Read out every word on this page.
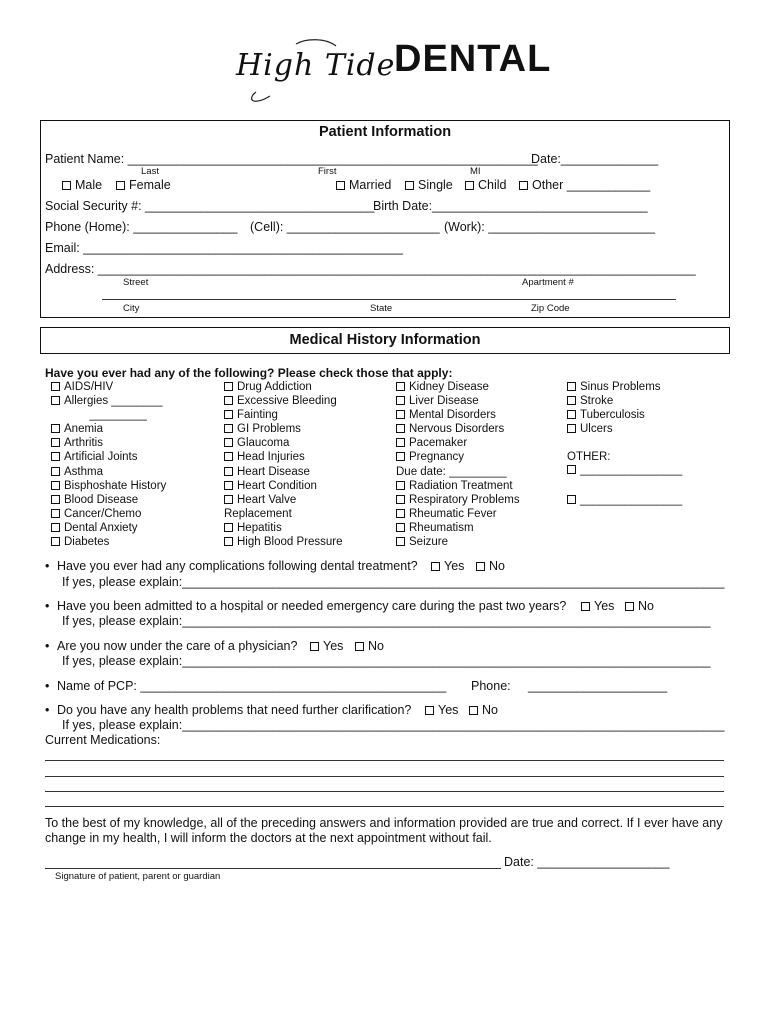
High Tide
DENTAL
Patient Information
Patient Name: ___________________________________________________________
Date:______________
Last	First	MI
Male	Female	Married	Single	Child	Other ____________
Social Security #: _________________________________
Birth Date:_______________________________
Phone (Home): _______________ (Cell): ______________________ (Work): ________________________
Email: ______________________________________________
Address: ______________________________________________________________________________________
Street	Apartment #
City	State	Zip Code
Medical History Information
Have you ever had any of the following? Please check those that apply:
AIDS/HIV
Allergies ________
_________
Anemia
Arthritis
Artificial Joints
Asthma
Bisphoshate History
Blood Disease
Cancer/Chemo
Dental Anxiety
Diabetes
Drug Addiction
Excessive Bleeding
Fainting
GI Problems
Glaucoma
Head Injuries
Heart Disease
Heart Condition
Heart Valve
Replacement
Hepatitis
High Blood Pressure
Kidney Disease
Liver Disease
Mental Disorders
Nervous Disorders
Pacemaker
Pregnancy
Due date: _________
Radiation Treatment
Respiratory Problems
Rheumatic Fever
Rheumatism
Seizure
Sinus Problems
Stroke
Tuberculosis
Ulcers
OTHER:
________________
________________
• Have you ever had any complications following dental treatment?	Yes	No
If yes, please explain:______________________________________________________________________________
• Have you been admitted to a hospital or needed emergency care during the past two years?	Yes	No
If yes, please explain:____________________________________________________________________________
• Are you now under the care of a physician?	Yes	No
If yes, please explain:____________________________________________________________________________
• Name of PCP: ____________________________________________ Phone: ____________________
• Do you have any health problems that need further clarification?	Yes	No
If yes, please explain:______________________________________________________________________________
Current Medications:
To the best of my knowledge, all of the preceding answers and information provided are true and correct. If I ever have any change in my health, I will inform the doctors at the next appointment without fail.
Date: ___________________
Signature of patient, parent or guardian
